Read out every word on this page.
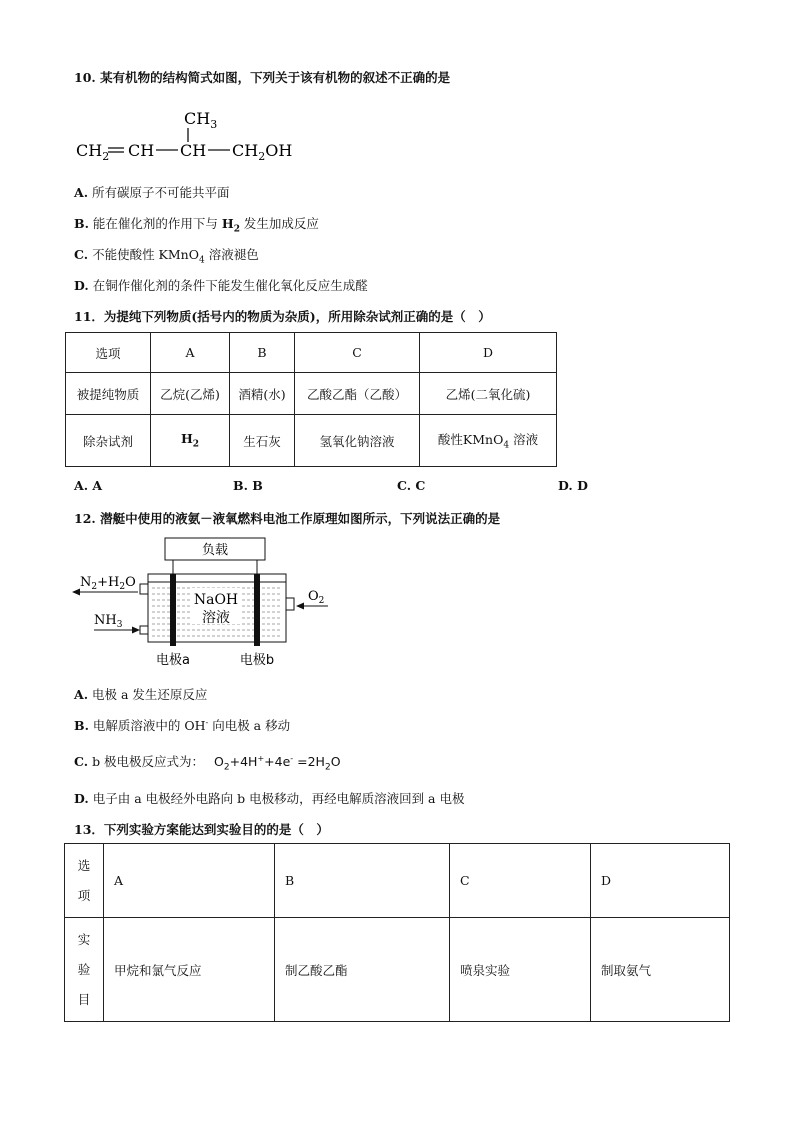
10. 某有机物的结构简式如图，下列关于该有机物的叙述不正确的是
$CH_3$
$CH_2$ CH CH $CH_2OH$
A. 所有碳原子不可能共平面
B. 能在催化剂的作用下与 $H_2$ 发生加成反应
C. 不能使酸性 KMnO$_4$ 溶液褪色
D. 在铜作催化剂的条件下能发生催化氧化反应生成醛
11．为提纯下列物质(括号内的物质为杂质)，所用除杂试剂正确的是（　）
选项	A	B	C	D
被提纯物质	乙烷(乙烯)	酒精(水)	乙酸乙酯（乙酸）	乙烯(二氧化硫)
除杂试剂	$H_2$	生石灰	氢氧化钠溶液	酸性KMnO$_4$ 溶液
A. A	B. B	C. C	D. D
12. 潜艇中使用的液氨－液氧燃料电池工作原理如图所示，下列说法正确的是
负载
NaOH
溶液
$N_2+H_2O$
$NH_3$
$O_2$
电极a	电极b
A. 电极 a 发生还原反应
B. 电解质溶液中的 OH- 向电极 a 移动
C. b 极电极反应式为： $O_2+4H^++4e^- =2H_2O$
D. 电子由 a 电极经外电路向 b 电极移动，再经电解质溶液回到 a 电极
13．下列实验方案能达到实验目的的是（　）
选
项	A	B	C	D
实
验
目	甲烷和氯气反应	制乙酸乙酯	喷泉实验	制取氨气
